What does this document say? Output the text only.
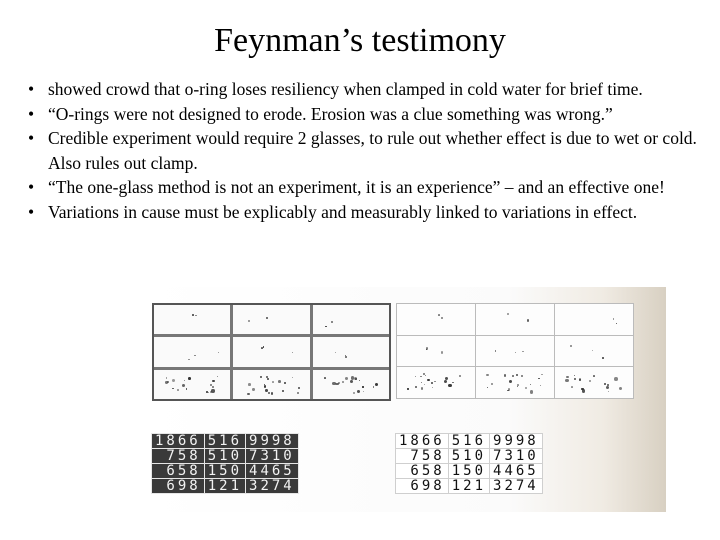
Feynman’s testimony
• showed crowd that o-ring loses resiliency when clamped in cold water for brief time.
• “O-rings were not designed to erode. Erosion was a clue something was wrong.”
• Credible experiment would require 2 glasses, to rule out whether effect is due to wet or cold. Also rules out clamp.
• “The one-glass method is not an experiment, it is an experience” – and an effective one!
• Variations in cause must be explicably and measurably linked to variations in effect.
1866	516	9998
758	510	7310
658	150	4465
698	121	3274
1866	516	9998
758	510	7310
658	150	4465
698	121	3274
